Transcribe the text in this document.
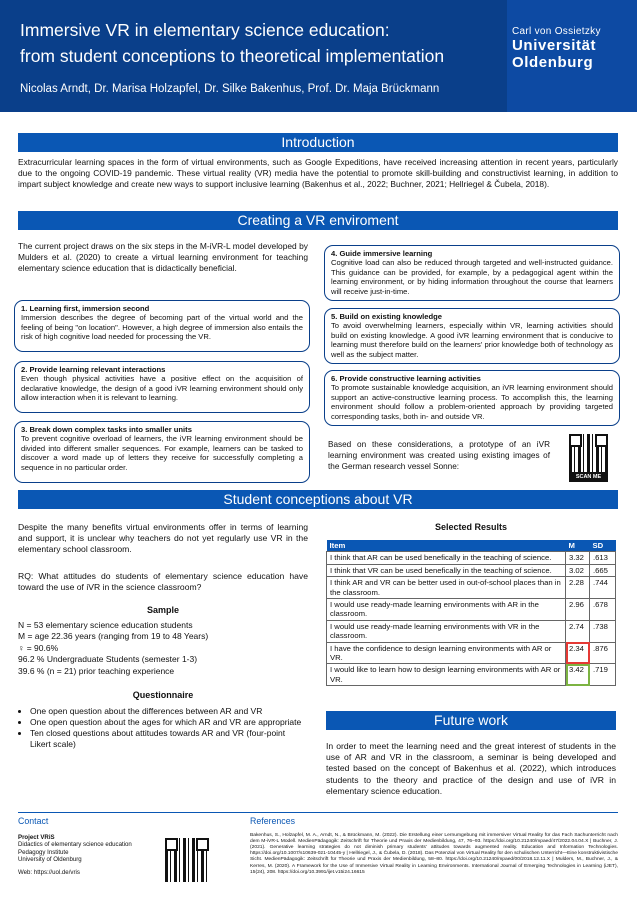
Immersive VR in elementary science education:
from student conceptions to theoretical implementation
Nicolas Arndt, Dr. Marisa Holzapfel, Dr. Silke Bakenhus, Prof. Dr. Maja Brückmann
Carl von Ossietzky
Universität
Oldenburg
Introduction
Extracurricular learning spaces in the form of virtual environments, such as Google Expeditions, have received increasing attention in recent years, particularly due to the ongoing COVID-19 pandemic. These virtual reality (VR) media have the potential to promote skill-building and constructivist learning, in addition to impart subject knowledge and create new ways to support inclusive learning (Bakenhus et al., 2022; Buchner, 2021; Hellriegel & Čubela, 2018).
Creating a VR enviroment
The current project draws on the six steps in the M-iVR-L model developed by Mulders et al. (2020) to create a virtual learning environment for teaching elementary science education that is didactically beneficial.
1. Learning first, immersion second
Immersion describes the degree of becoming part of the virtual world and the feeling of being "on location". However, a high degree of immersion also entails the risk of high cognitive load needed for processing the VR.
2. Provide learning relevant interactions
Even though physical activities have a positive effect on the acquisition of declarative knowledge, the design of a good iVR learning environment should only allow interaction when it is relevant to learning.
3. Break down complex tasks into smaller units
To prevent cognitive overload of learners, the iVR learning environment should be divided into different smaller sequences. For example, learners can be tasked to discover a word made up of letters they receive for successfully completing a sequence in no particular order.
4. Guide immersive learning
Cognitive load can also be reduced through targeted and well-instructed guidance. This guidance can be provided, for example, by a pedagogical agent within the learning environment, or by hiding information throughout the course that learners will receive just-in-time.
5. Build on existing knowledge
To avoid overwhelming learners, especially within VR, learning activities should build on existing knowledge. A good iVR learning environment that is conducive to learning must therefore build on the learners' prior knowledge both of technology as well as the subject matter.
6. Provide constructive learning activities
To promote sustainable knowledge acquisition, an iVR learning environment should support an active-constructive learning process. To accomplish this, the learning environment should follow a problem-oriented approach by providing targeted corresponding tasks, both in- and outside VR.
Based on these considerations, a prototype of an iVR learning environment was created using existing images of the German research vessel Sonne:
SCAN ME
Student conceptions about VR
Despite the many benefits virtual environments offer in terms of learning and support, it is unclear why teachers do not yet regularly use VR in the elementary school classroom.
RQ: What attitudes do students of elementary science education have toward the use of iVR in the science classroom?
Sample
N = 53 elementary science education students
M = age 22.36 years (ranging from 19 to 48 Years)
♀ = 90.6%
96.2 % Undergraduate Students (semester 1-3)
39.6 % (n = 21) prior teaching experience
Questionnaire
• One open question about the differences between AR and VR
• One open question about the ages for which AR and VR are appropriate
• Ten closed questions about attitudes towards AR and VR (four-point Likert scale)
Selected Results
Item	M	SD
I think that AR can be used benefically in the teaching of science.	3.32	.613
I think that VR can be used benefically in the teaching of science.	3.02	.665
I think AR and VR can be better used in out-of-school places than in the classroom.	2.28	.744
I would use ready-made learning environments with AR in the classroom.	2.96	.678
I would use ready-made learning environments with VR in the classroom.	2.74	.738
I have the confidence to design learning environments with AR or VR.	2.34	.876
I would like to learn how to design learning environments with AR or VR.	3.42	.719
Future work
In order to meet the learning need and the great interest of students in the use of AR and VR in the classroom, a seminar is being developed and tested based on the concept of Bakenhus et al. (2022), which introduces students to the theory and practice of the design and use of iVR in elementary science education.
Contact
Project VRiS
Didactics of elementary science education
Pedagogy Institute
University of Oldenburg
Web: https://uol.de/vris
References
Bakenhus, S., Holzapfel, M. A., Arndt, N., & Brückmann, M. (2022). Die Erstellung einer Lernumgebung mit immersiver Virtual Reality für das Fach Sachunterricht nach dem M-iVR-L Modell. MedienPädagogik: Zeitschrift für Theorie und Praxis der Medienbildung, 47, 76–93. https://doi.org/10.21240/mpaed/47/2022.04.04.X | Buchner, J. (2021). Generative learning strategies do not diminish primary students' attitudes towards augmented reality. Education and Information Technologies. https://doi.org/10.1007/s10639-021-10445-y | Hellriegel, J., & Čubela, D. (2018). Das Potenzial von Virtual Reality für den schulischen Unterricht—Eine konstruktivistische Sicht. MedienPädagogik: Zeitschrift für Theorie und Praxis der Medienbildung, 58–80. https://doi.org/10.21240/mpaed/00/2018.12.11.X | Mulders, M., Buchner, J., & Kerres, M. (2020). A Framework for the Use of Immersive Virtual Reality in Learning Environments. International Journal of Emerging Technologies in Learning (iJET), 15(24), 208. https://doi.org/10.3991/ijet.v15i24.16615
